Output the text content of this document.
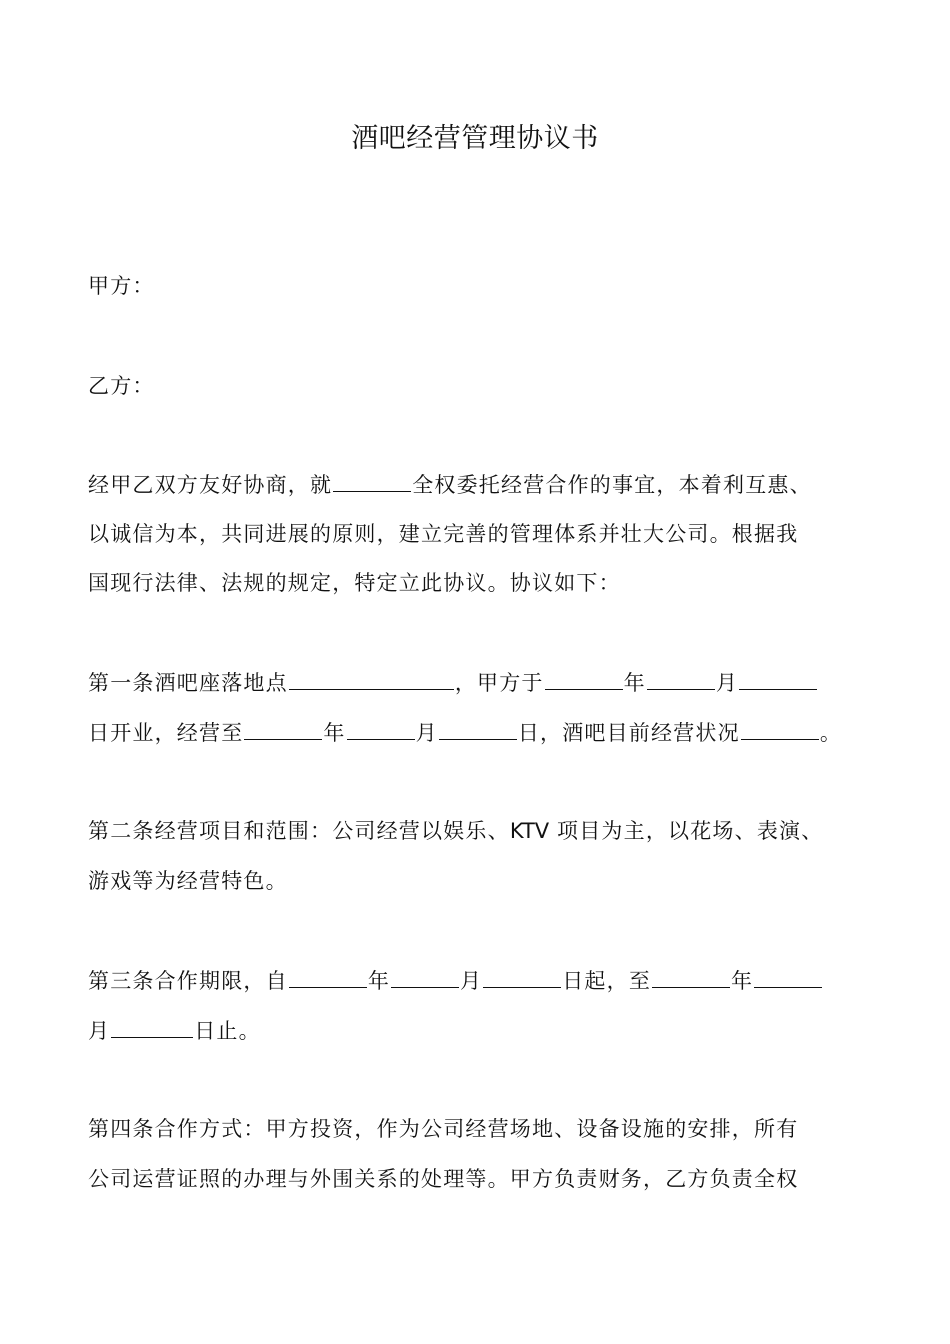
酒吧经营管理协议书
甲方：
乙方：
经甲乙双方友好协商，就	全权委托经营合作的事宜，本着利互惠、
以诚信为本，共同进展的原则，建立完善的管理体系并壮大公司。根据我
国现行法律、法规的规定，特定立此协议。协议如下：
第一条酒吧座落地点	，甲方于	年	月
日开业，经营至	年	月	日，酒吧目前经营状况	。
第二条经营项目和范围：公司经营以娱乐、KTV 项目为主，以花场、表演、
游戏等为经营特色。
第三条合作期限，自	年	月	日起，至	年
月	日止。
第四条合作方式：甲方投资，作为公司经营场地、设备设施的安排，所有
公司运营证照的办理与外围关系的处理等。甲方负责财务，乙方负责全权
